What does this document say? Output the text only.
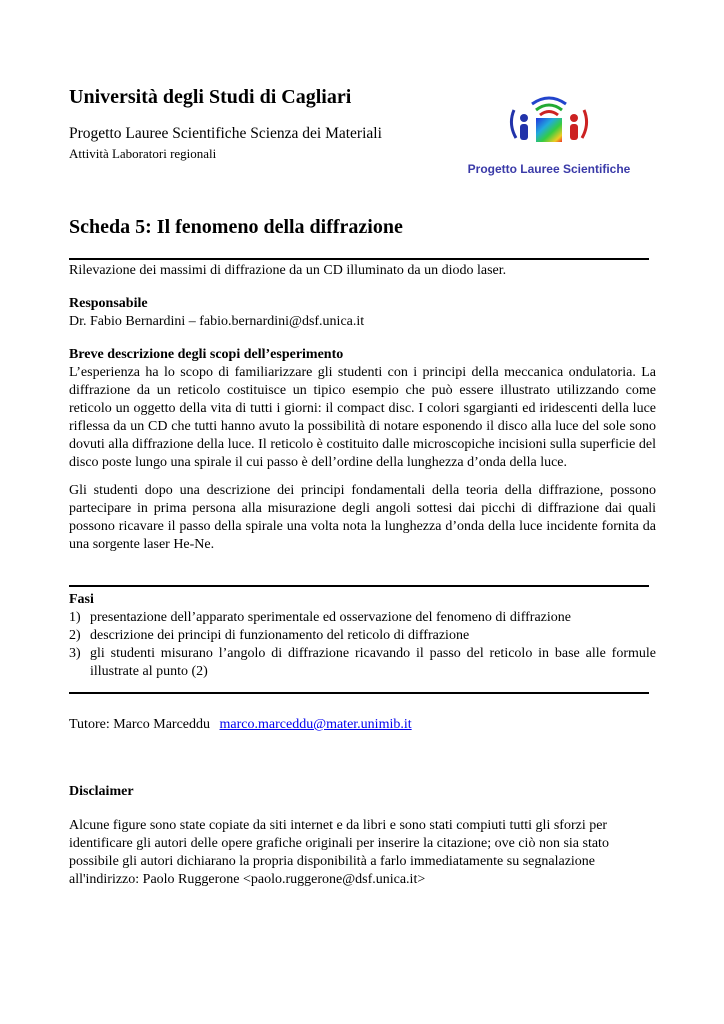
Università degli Studi di Cagliari
Progetto Lauree Scientifiche Scienza dei Materiali
Attività Laboratori regionali
Progetto Lauree Scientifiche
Scheda 5: Il fenomeno della diffrazione
Rilevazione dei massimi di diffrazione da un CD illuminato da un diodo laser.
Responsabile
Dr. Fabio Bernardini – fabio.bernardini@dsf.unica.it
Breve descrizione degli scopi dell’esperimento
L’esperienza ha lo scopo di familiarizzare gli studenti con i principi della meccanica ondulatoria. La diffrazione da un reticolo costituisce un tipico esempio che può essere illustrato utilizzando come reticolo un oggetto della vita di tutti i giorni: il compact disc. I colori sgargianti ed iridescenti della luce riflessa da un CD che tutti hanno avuto la possibilità di notare esponendo il disco alla luce del sole sono dovuti alla diffrazione della luce. Il reticolo è costituito dalle microscopiche incisioni sulla superficie del disco poste lungo una spirale il cui passo è dell’ordine della lunghezza d’onda della luce.
Gli studenti dopo una descrizione dei principi fondamentali della teoria della diffrazione, possono partecipare in prima persona alla misurazione degli angoli sottesi dai picchi di diffrazione dai quali possono ricavare il passo della spirale una volta nota la lunghezza d’onda della luce incidente fornita da una sorgente laser He-Ne.
Fasi
1) presentazione dell’apparato sperimentale ed osservazione del fenomeno di diffrazione
2) descrizione dei principi di funzionamento del reticolo di diffrazione
3) gli studenti misurano l’angolo di diffrazione ricavando il passo del reticolo in base alle formule illustrate al punto (2)
Tutore: Marco Marceddu marco.marceddu@mater.unimib.it
Disclaimer
Alcune figure sono state copiate da siti internet e da libri e sono stati compiuti tutti gli sforzi per
identificare gli autori delle opere grafiche originali per inserire la citazione; ove ciò non sia stato
possibile gli autori dichiarano la propria disponibilità a farlo immediatamente su segnalazione
all'indirizzo: Paolo Ruggerone <paolo.ruggerone@dsf.unica.it>
